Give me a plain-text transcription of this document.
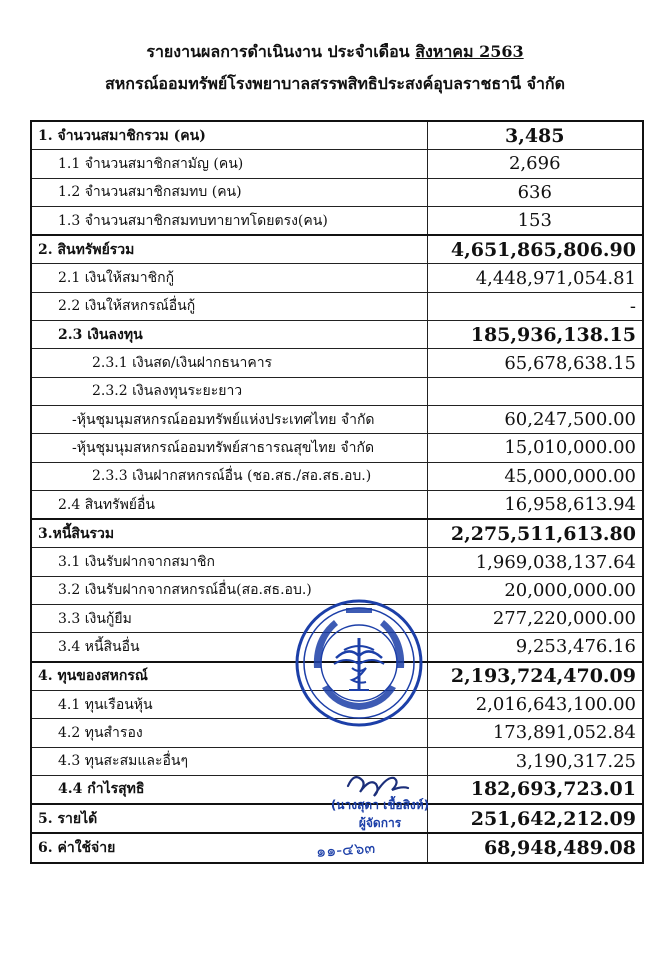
รายงานผลการดำเนินงาน ประจำเดือน สิงหาคม 2563
สหกรณ์ออมทรัพย์โรงพยาบาลสรรพสิทธิประสงค์อุบลราชธานี จำกัด
1. จำนวนสมาชิกรวม (คน)	3,485
1.1 จำนวนสมาชิกสามัญ (คน)	2,696
1.2 จำนวนสมาชิกสมทบ (คน)	636
1.3 จำนวนสมาชิกสมทบทายาทโดยตรง(คน)	153
2. สินทรัพย์รวม	4,651,865,806.90
2.1 เงินให้สมาชิกกู้	4,448,971,054.81
2.2 เงินให้สหกรณ์อื่นกู้	-
2.3 เงินลงทุน	185,936,138.15
2.3.1 เงินสด/เงินฝากธนาคาร	65,678,638.15
2.3.2 เงินลงทุนระยะยาว	
-หุ้นชุมนุมสหกรณ์ออมทรัพย์แห่งประเทศไทย จำกัด	60,247,500.00
-หุ้นชุมนุมสหกรณ์ออมทรัพย์สาธารณสุขไทย จำกัด	15,010,000.00
2.3.3 เงินฝากสหกรณ์อื่น (ชอ.สธ./สอ.สธ.อบ.)	45,000,000.00
2.4 สินทรัพย์อื่น	16,958,613.94
3.หนี้สินรวม	2,275,511,613.80
3.1 เงินรับฝากจากสมาชิก	1,969,038,137.64
3.2 เงินรับฝากจากสหกรณ์อื่น(สอ.สธ.อบ.)	20,000,000.00
3.3 เงินกู้ยืม	277,220,000.00
3.4 หนี้สินอื่น	9,253,476.16
4. ทุนของสหกรณ์	2,193,724,470.09
4.1 ทุนเรือนหุ้น	2,016,643,100.00
4.2 ทุนสำรอง	173,891,052.84
4.3 ทุนสะสมและอื่นๆ	3,190,317.25
4.4 กำไรสุทธิ	182,693,723.01
5. รายได้	251,642,212.09
6. ค่าใช้จ่าย	68,948,489.08
(นางสุดา เชื้อสิงห์)
ผู้จัดการ
๑๑-๔๖๓
